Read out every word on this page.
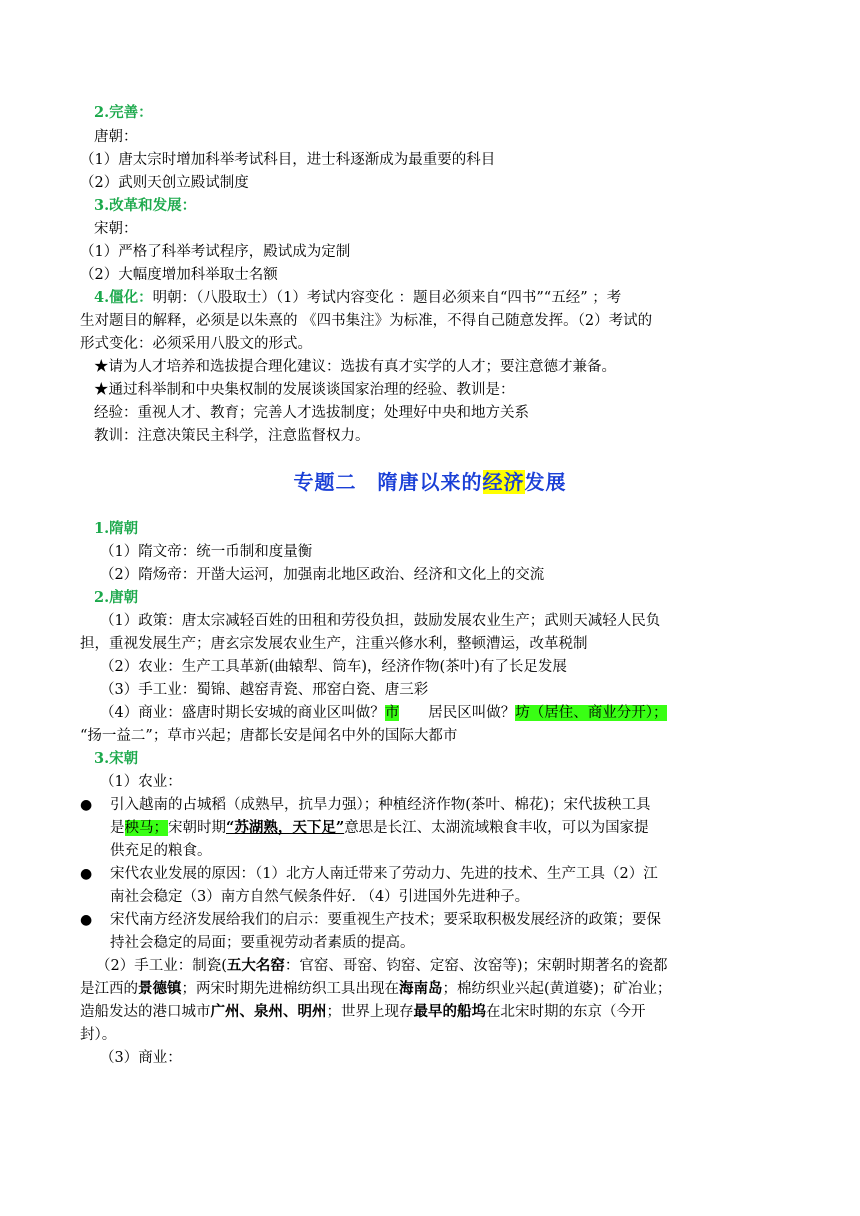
2.完善：
唐朝：
（1）唐太宗时增加科举考试科目，进士科逐渐成为最重要的科目
（2）武则天创立殿试制度
3.改革和发展：
宋朝：
（1）严格了科举考试程序，殿试成为定制
（2）大幅度增加科举取士名额
4.僵化：明朝：（八股取士）（1）考试内容变化 ：题目必须来自“四书”“五经” ；考
生对题目的解释，必须是以朱熹的 《四书集注》为标准，不得自己随意发挥。（2）考试的
形式变化：必须采用八股文的形式。
★请为人才培养和选拔提合理化建议：选拔有真才实学的人才；要注意德才兼备。
★通过科举制和中央集权制的发展谈谈国家治理的经验、教训是：
经验：重视人才、教育；完善人才选拔制度；处理好中央和地方关系
教训：注意决策民主科学，注意监督权力。
专题二　隋唐以来的经济发展
1.隋朝
（1）隋文帝：统一币制和度量衡
（2）隋炀帝：开凿大运河，加强南北地区政治、经济和文化上的交流
2.唐朝
（1）政策：唐太宗减轻百姓的田租和劳役负担，鼓励发展农业生产；武则天减轻人民负
担，重视发展生产；唐玄宗发展农业生产，注重兴修水利，整顿漕运，改革税制
（2）农业：生产工具革新(曲辕犁、筒车)，经济作物(茶叶)有了长足发展
（3）手工业：蜀锦、越窑青瓷、邢窑白瓷、唐三彩
（4）商业：盛唐时期长安城的商业区叫做？市　　居民区叫做？坊（居住、商业分开）；
“扬一益二”；草市兴起；唐都长安是闻名中外的国际大都市
3.宋朝
（1）农业：
● 引入越南的占城稻（成熟早，抗旱力强）；种植经济作物(茶叶、棉花)；宋代拔秧工具
是秧马；宋朝时期“苏湖熟，天下足”意思是长江、太湖流域粮食丰收，可以为国家提
供充足的粮食。
● 宋代农业发展的原因：（1）北方人南迁带来了劳动力、先进的技术、生产工具（2）江
南社会稳定（3）南方自然气候条件好. （4）引进国外先进种子。
● 宋代南方经济发展给我们的启示：要重视生产技术；要采取积极发展经济的政策；要保
持社会稳定的局面；要重视劳动者素质的提高。
（2）手工业：制瓷(五大名窑：官窑、哥窑、钧窑、定窑、汝窑等)；宋朝时期著名的瓷都
是江西的景德镇；两宋时期先进棉纺织工具出现在海南岛；棉纺织业兴起(黄道婆)；矿冶业；
造船发达的港口城市广州、泉州、明州；世界上现存最早的船坞在北宋时期的东京（今开
封）。
（3）商业：
